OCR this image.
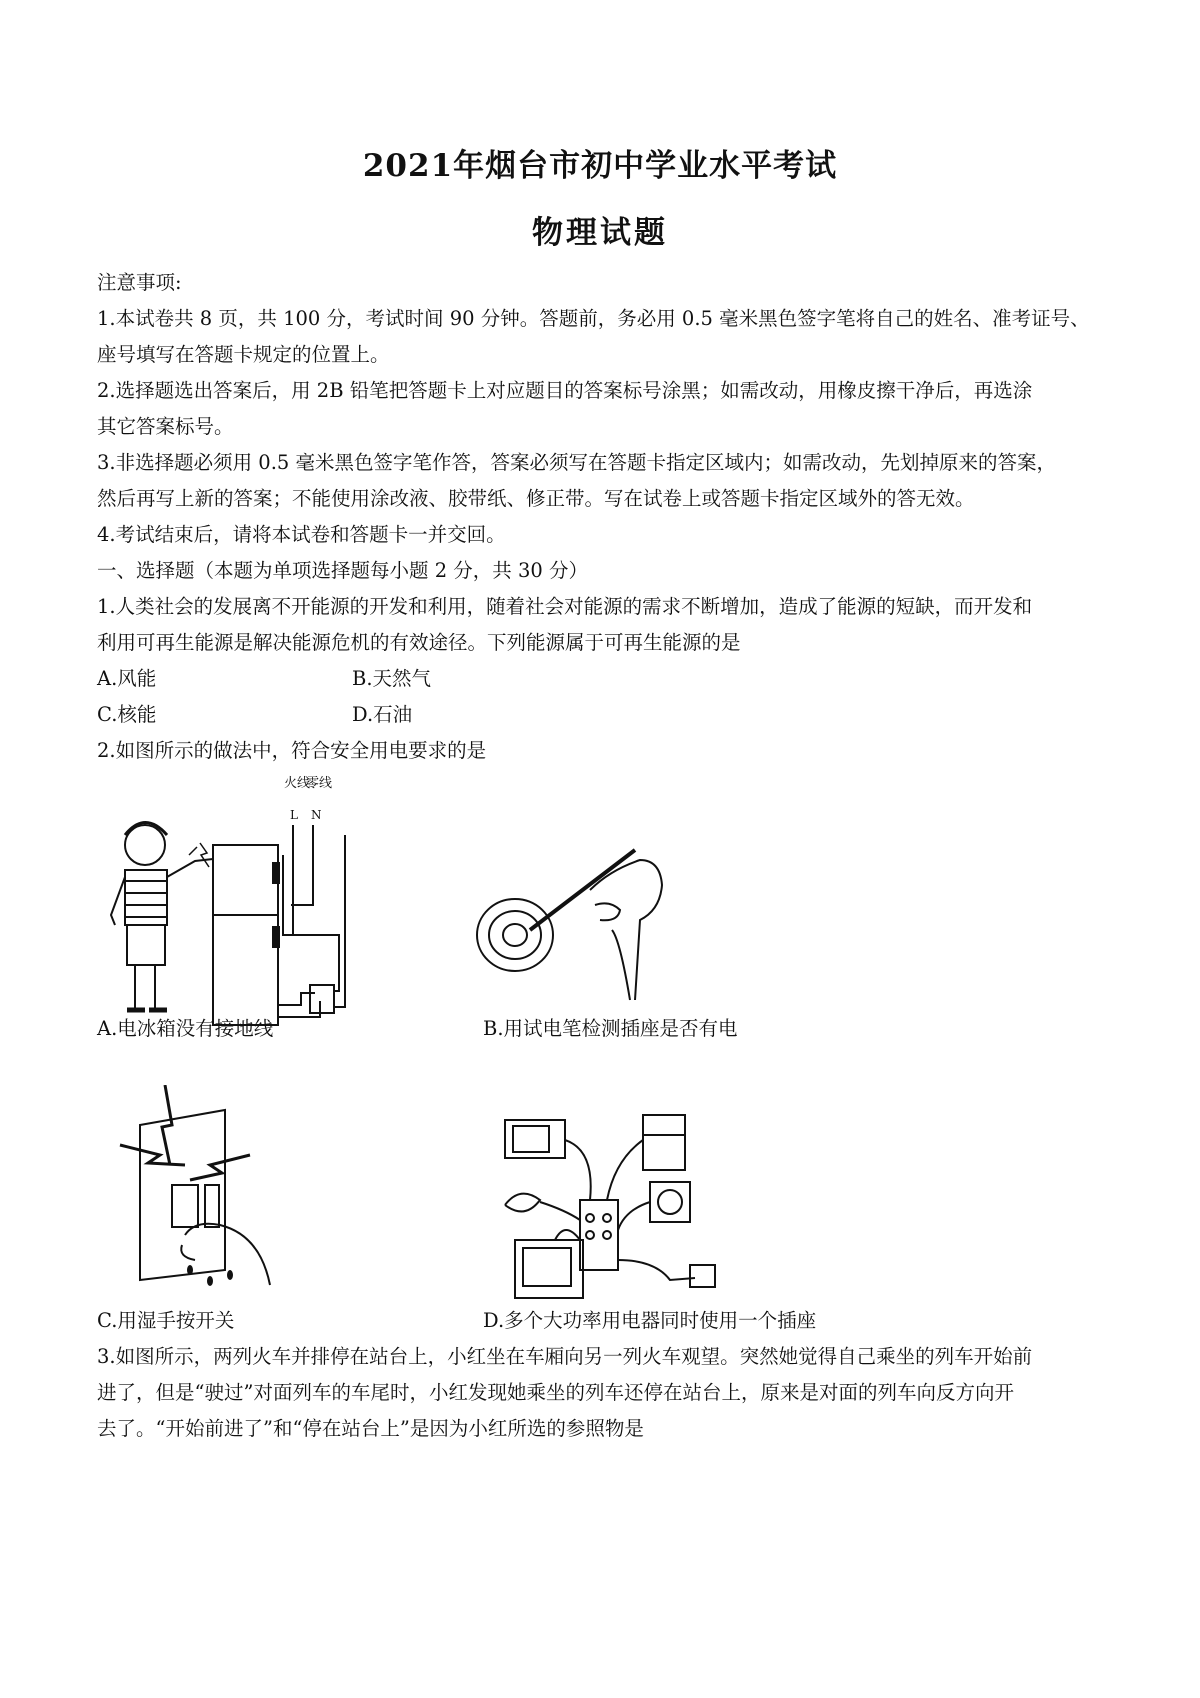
2021年烟台市初中学业水平考试
物理试题
注意事项:
1.本试卷共 8 页，共 100 分，考试时间 90 分钟。答题前，务必用 0.5 毫米黑色签字笔将自己的姓名、准考证号、
座号填写在答题卡规定的位置上。
2.选择题选出答案后，用 2B 铅笔把答题卡上对应题目的答案标号涂黑；如需改动，用橡皮擦干净后，再选涂
其它答案标号。
3.非选择题必须用 0.5 毫米黑色签字笔作答，答案必须写在答题卡指定区域内；如需改动，先划掉原来的答案，
然后再写上新的答案；不能使用涂改液、胶带纸、修正带。写在试卷上或答题卡指定区域外的答无效。
4.考试结束后，请将本试卷和答题卡一并交回。
一、选择题（本题为单项选择题每小题 2 分，共 30 分）
1.人类社会的发展离不开能源的开发和利用，随着社会对能源的需求不断增加，造成了能源的短缺，而开发和
利用可再生能源是解决能源危机的有效途径。下列能源属于可再生能源的是
A.风能	B.天然气
C.核能	D.石油
2.如图所示的做法中，符合安全用电要求的是
火线
零线
L N
A.电冰箱没有接地线	B.用试电笔检测插座是否有电
C.用湿手按开关	D.多个大功率用电器同时使用一个插座
3.如图所示，两列火车并排停在站台上，小红坐在车厢向另一列火车观望。突然她觉得自己乘坐的列车开始前
进了，但是“驶过”对面列车的车尾时，小红发现她乘坐的列车还停在站台上，原来是对面的列车向反方向开
去了。“开始前进了”和“停在站台上”是因为小红所选的参照物是
